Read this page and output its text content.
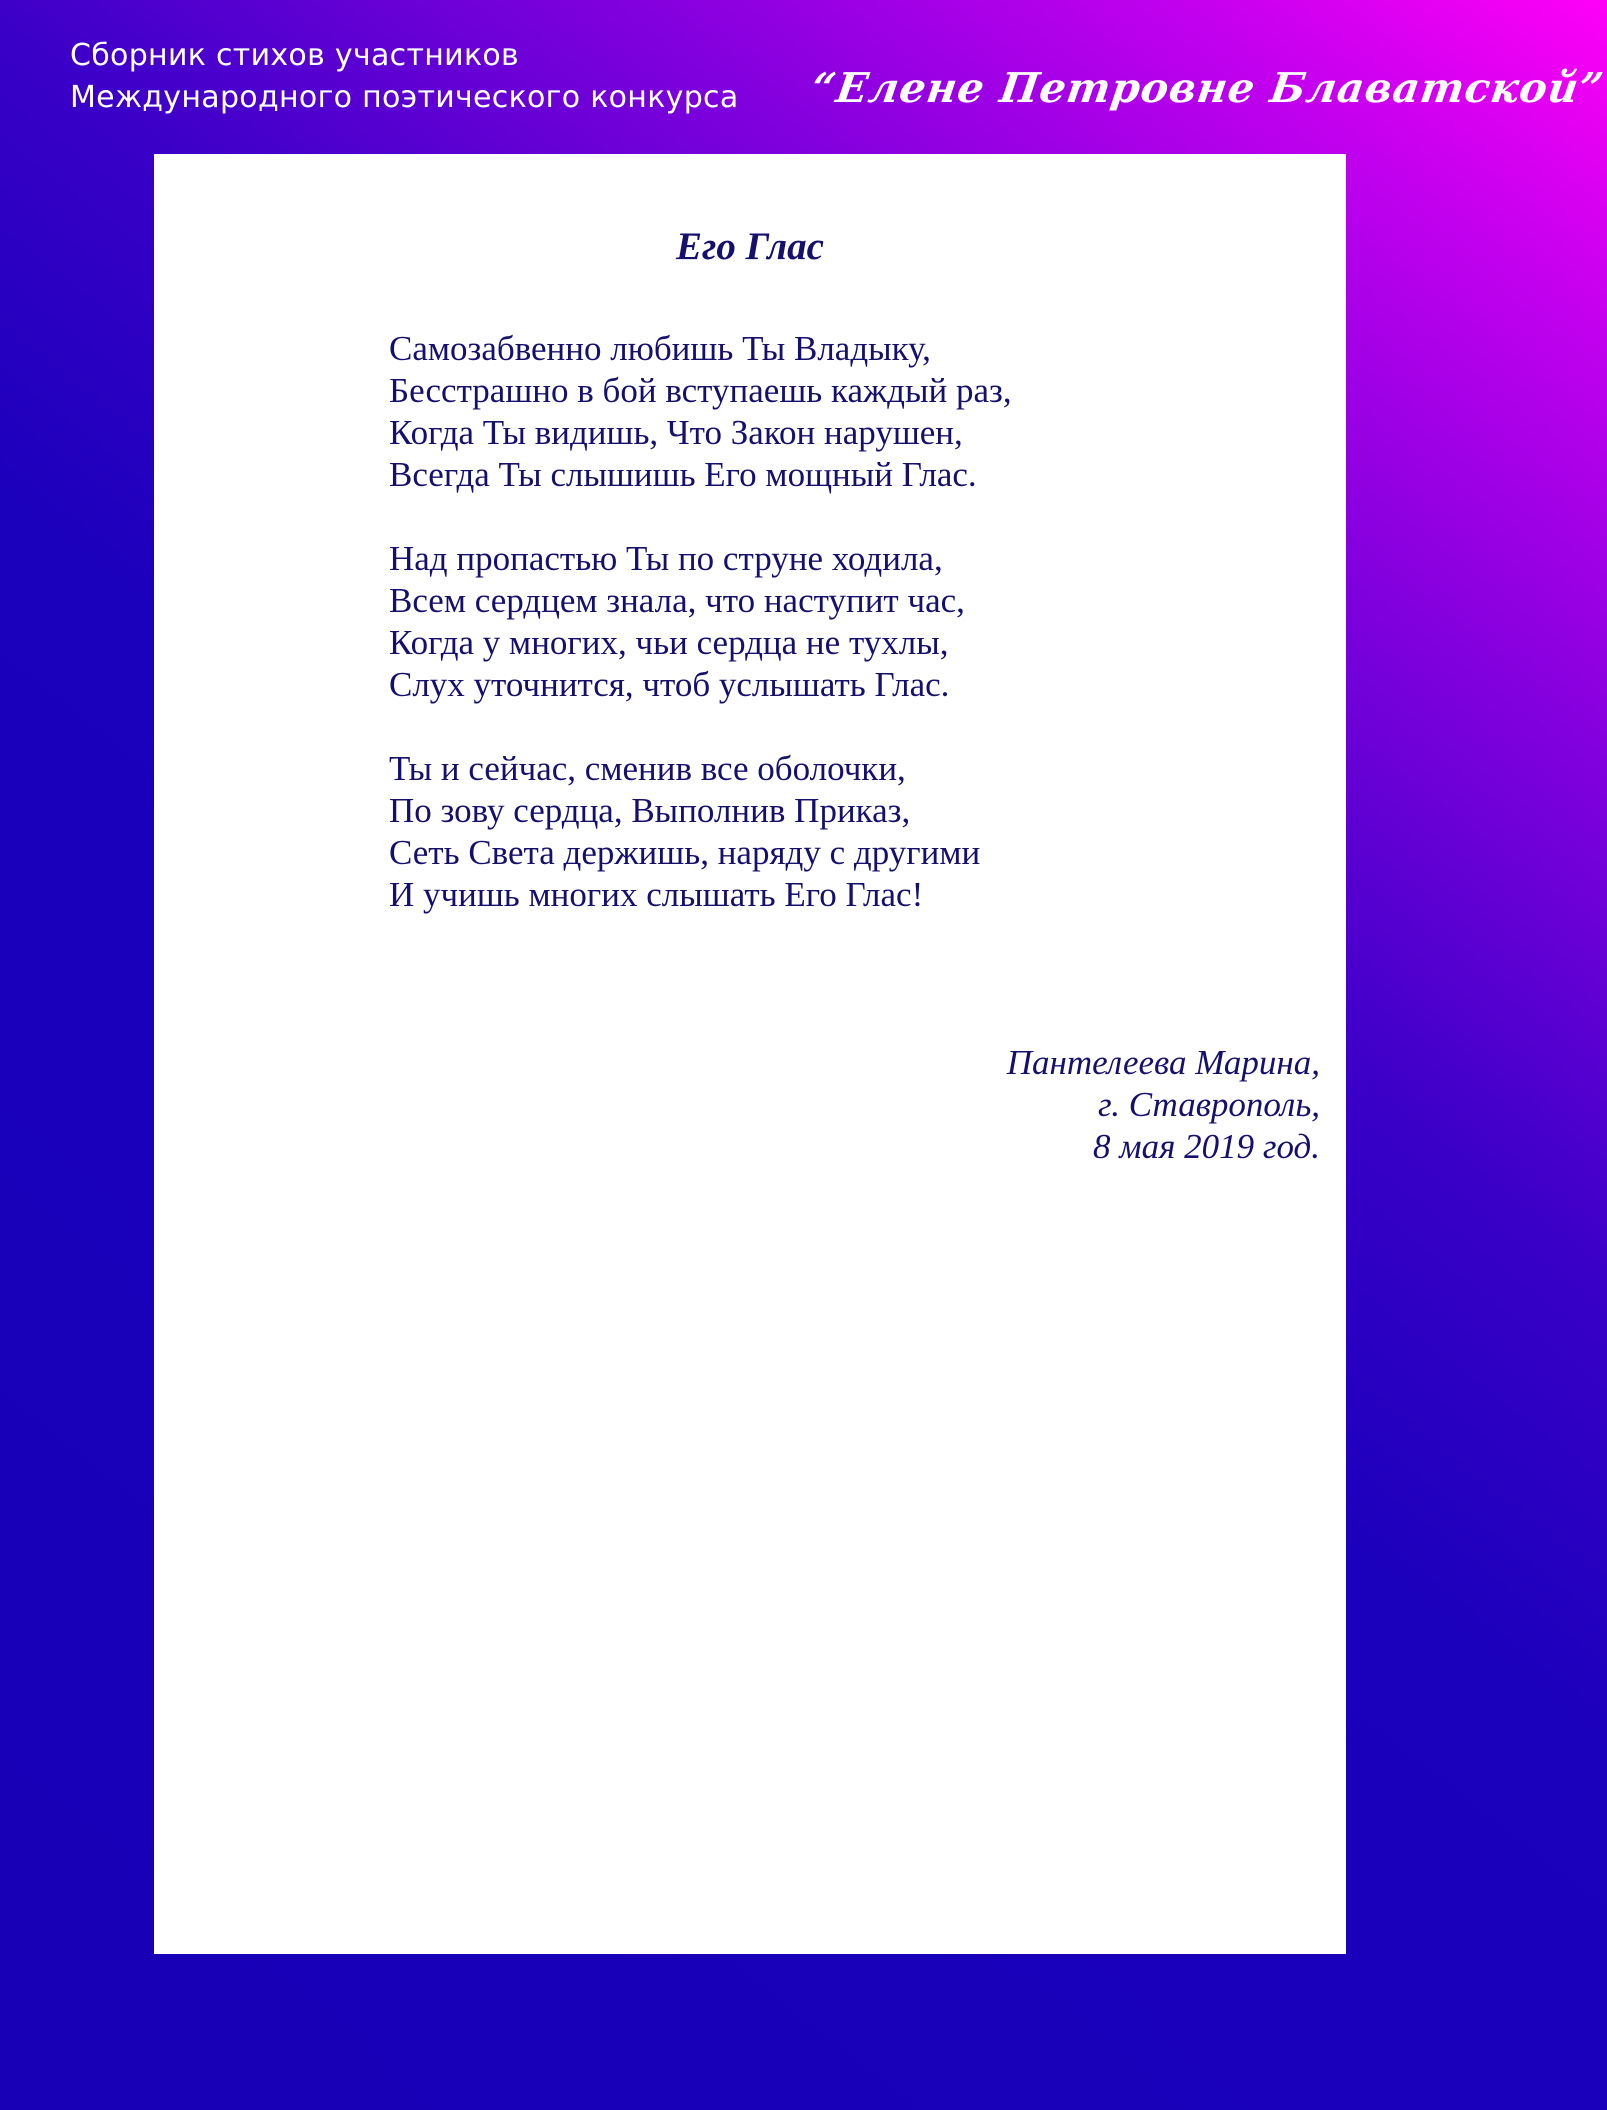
Сборник стихов участников
Международного поэтического конкурса “Елене Петровне Блаватской”
Его Глас
Самозабвенно любишь Ты Владыку,
Бесстрашно в бой вступаешь каждый раз,
Когда Ты видишь, Что Закон нарушен,
Всегда Ты слышишь Его мощный Глас.
Над пропастью Ты по струне ходила,
Всем сердцем знала, что наступит час,
Когда у многих, чьи сердца не тухлы,
Слух уточнится, чтоб услышать Глас.
Ты и сейчас, сменив все оболочки,
По зову сердца, Выполнив Приказ,
Сеть Света держишь, наряду с другими
И учишь многих слышать Его Глас!
Пантелеева Марина,
г. Ставрополь,
8 мая 2019 год.
